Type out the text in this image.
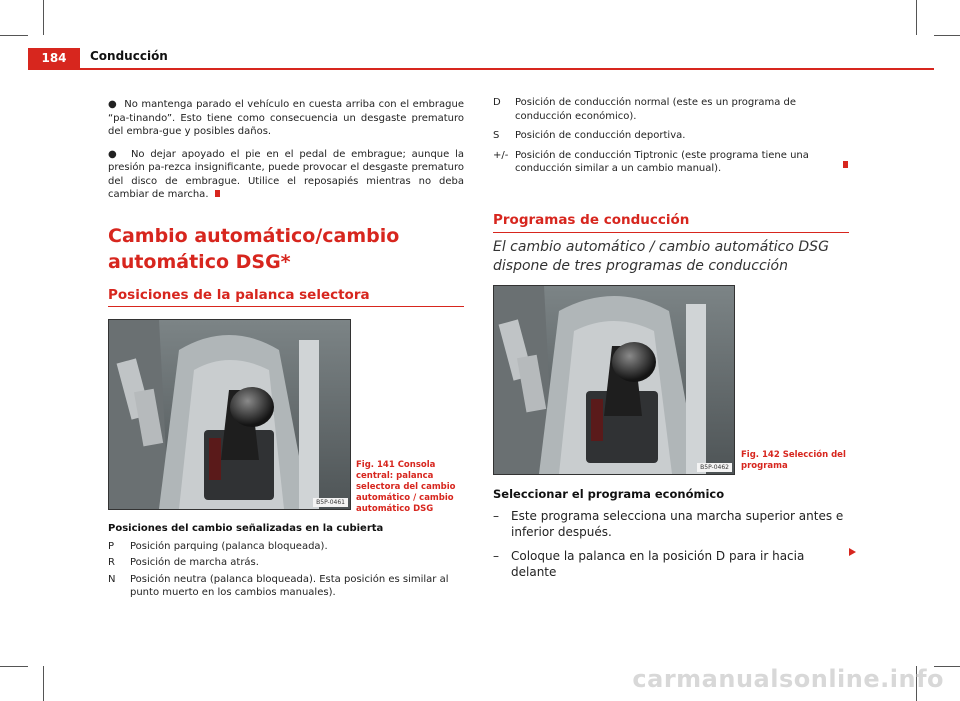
184	Conducción

●  No mantenga parado el vehículo en cuesta arriba con el embrague “pa-tinando”. Esto tiene como consecuencia un desgaste prematuro del embra-gue y posibles daños.

●  No dejar apoyado el pie en el pedal de embrague; aunque la presión pa-rezca insignificante, puede provocar el desgaste prematuro del disco de embrague. Utilice el reposapiés mientras no deba cambiar de marcha.

Cambio automático/cambio automático DSG*
Posiciones de la palanca selectora
B5P-0461
Fig. 141 Consola central: palanca selectora del cambio automático / cambio automático DSG
Posiciones del cambio señalizadas en la cubierta
P	Posición parquing (palanca bloqueada).
R	Posición de marcha atrás.
N	Posición neutra (palanca bloqueada). Esta posición es similar al punto muerto en los cambios manuales).
D	Posición de conducción normal (este es un programa de conducción económico).
S	Posición de conducción deportiva.
+/- Posición de conducción Tiptronic (este programa tiene una conducción similar a un cambio manual).
Programas de conducción
El cambio automático / cambio automático DSG dispone de tres programas de conducción
B5P-0462
Fig. 142 Selección del programa
Seleccionar el programa económico
–	Este programa selecciona una marcha superior antes e inferior después.
–	Coloque la palanca en la posición D para ir hacia delante
carmanualsonline.info
